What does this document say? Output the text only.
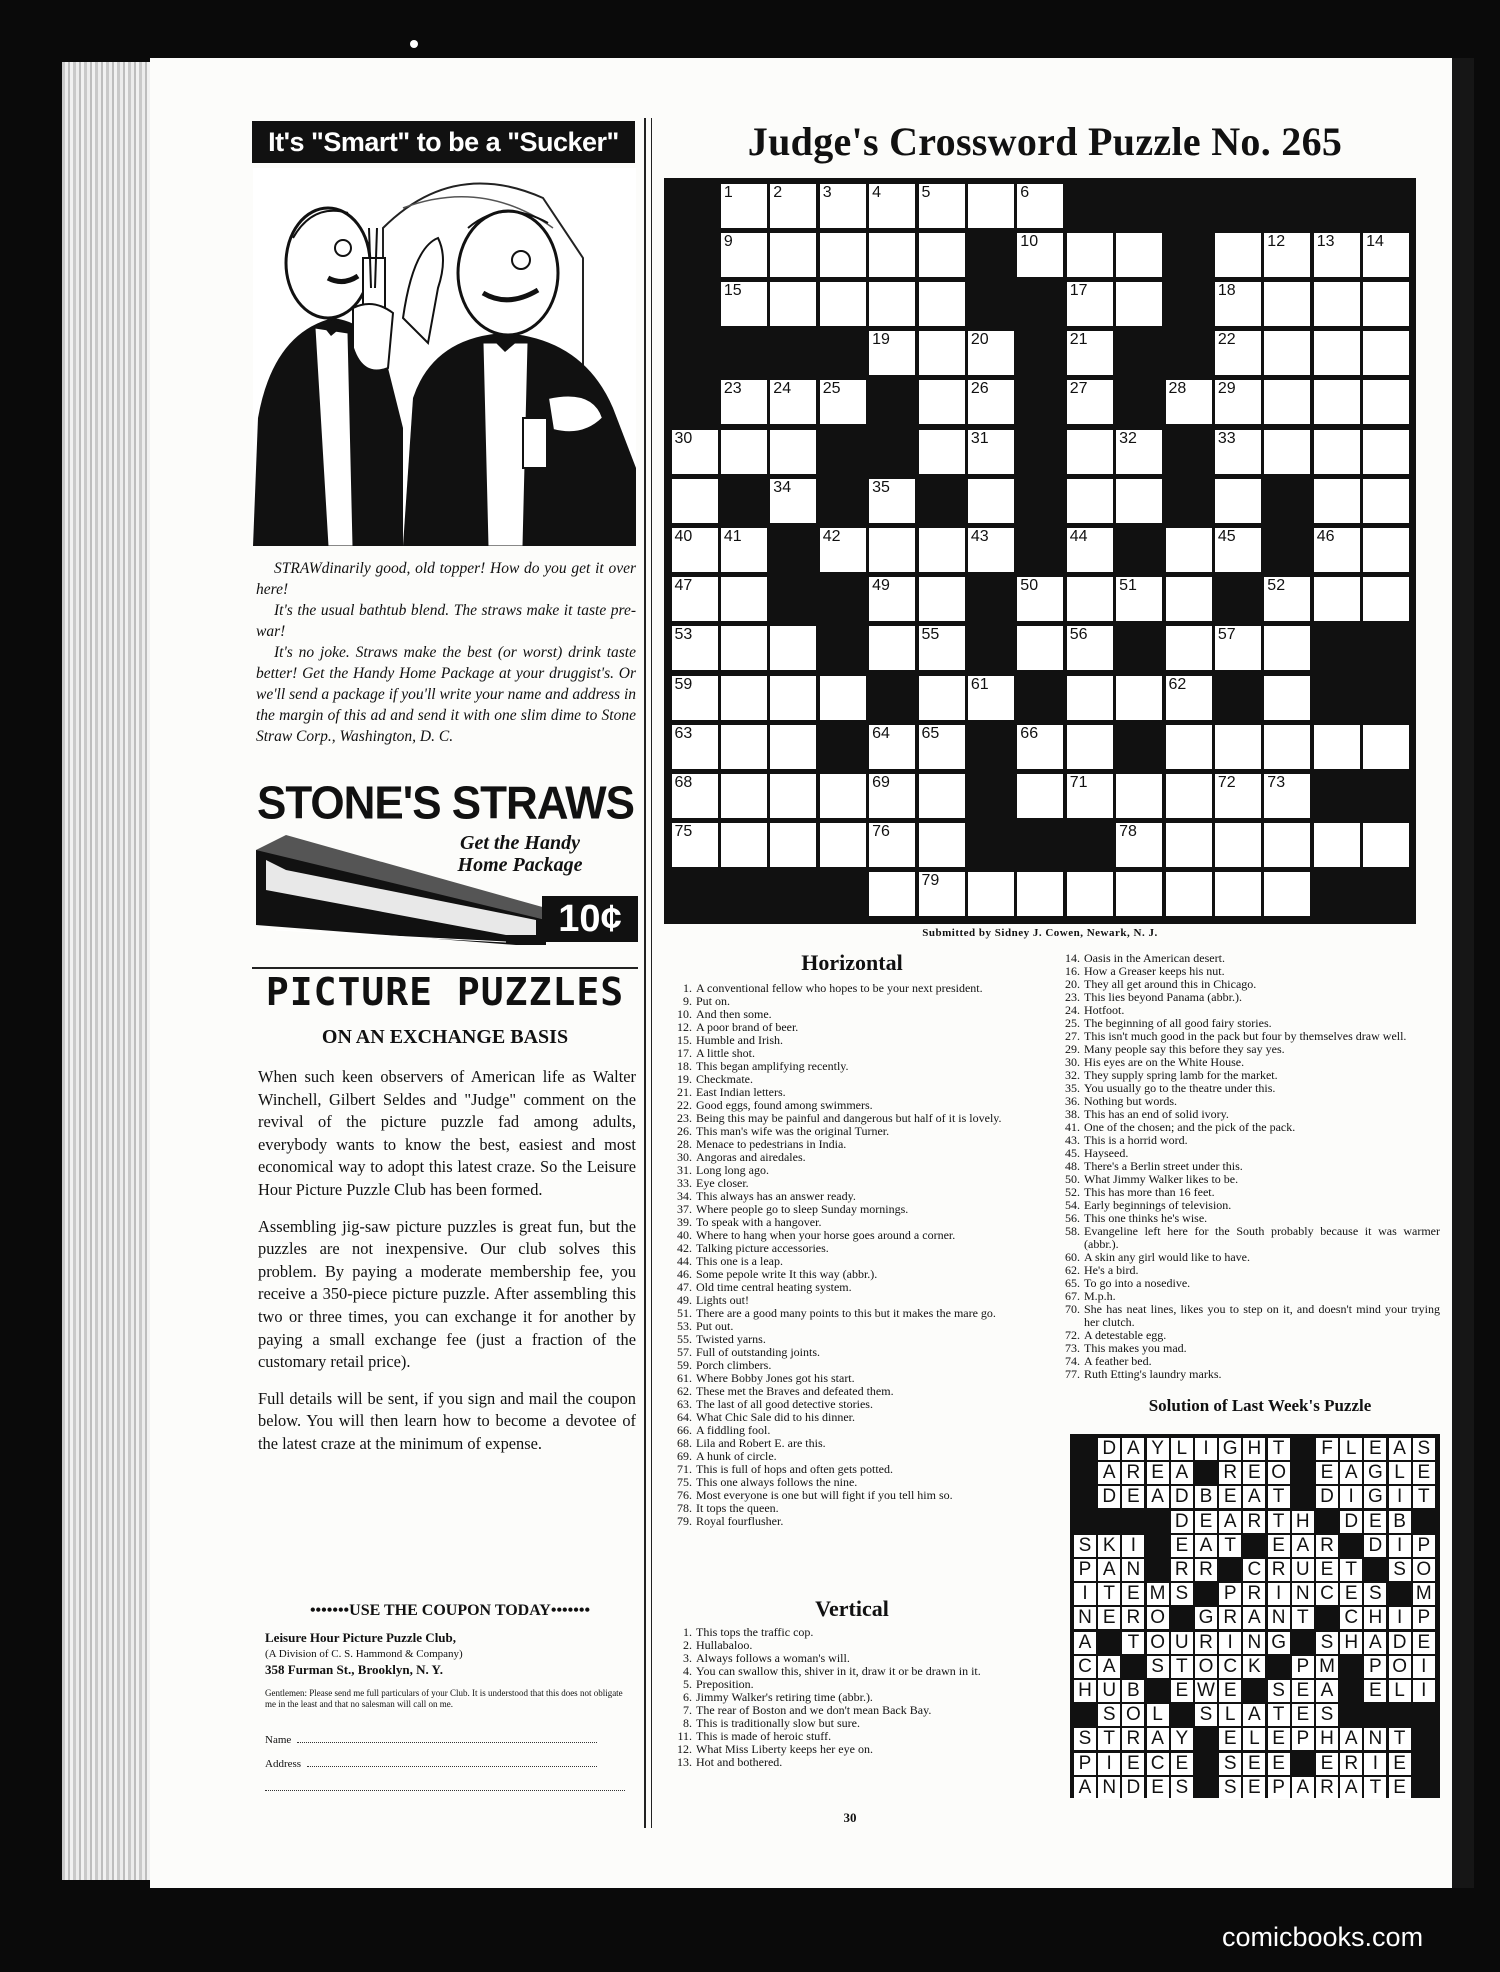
It's "Smart" to be a "Sucker"

STRAWdinarily good, old topper! How do you get it over here!

It's the usual bathtub blend. The straws make it taste pre-war!

It's no joke. Straws make the best (or worst) drink taste better! Get the Handy Home Package at your druggist's. Or we'll send a package if you'll write your name and address in the margin of this ad and send it with one slim dime to Stone Straw Corp., Washington, D. C.

STONE'S STRAWS
Get the Handy
Home Package
10¢
PICTURE PUZZLES
ON AN EXCHANGE BASIS

When such keen observers of American life as Walter Winchell, Gilbert Seldes and "Judge" comment on the revival of the picture puzzle fad among adults, everybody wants to know the best, easiest and most economical way to adopt this latest craze. So the Leisure Hour Picture Puzzle Club has been formed.

Assembling jig-saw picture puzzles is great fun, but the puzzles are not inexpensive. Our club solves this problem. By paying a moderate membership fee, you receive a 350-piece picture puzzle. After assembling this two or three times, you can exchange it for another by paying a small exchange fee (just a fraction of the customary retail price).

Full details will be sent, if you sign and mail the coupon below. You will then learn how to become a devotee of the latest craze at the minimum of expense.

•••••••USE THE COUPON TODAY•••••••
Leisure Hour Picture Puzzle Club,
(A Division of C. S. Hammond & Company)
358 Furman St., Brooklyn, N. Y.
Gentlemen: Please send me full particulars of your Club. It is understood that this does not obligate me in the least and that no salesman will call on me.
Name
Address
Judge's Crossword Puzzle No. 265
1	2	3	4	5	6
9	10	12 13 14
15	17	18
19	20	21	22
23 24 25	26	27	28 29
30	31	32	33
34	35
40 41	42	43	44	45	46
47	49	50	51	52
53	55	56	57
59	61	62
63	64 65	66
68	69	71	72 73
75	76	78
79
Submitted by Sidney J. Cowen, Newark, N. J.
Horizontal
1. A conventional fellow who hopes to be your next president.
9. Put on.
10. And then some.
12. A poor brand of beer.
15. Humble and Irish.
17. A little shot.
18. This began amplifying recently.
19. Checkmate.
21. East Indian letters.
22. Good eggs, found among swimmers.
23. Being this may be painful and dangerous but half of it is lovely.
26. This man's wife was the original Turner.
28. Menace to pedestrians in India.
30. Angoras and airedales.
31. Long long ago.
33. Eye closer.
34. This always has an answer ready.
37. Where people go to sleep Sunday mornings.
39. To speak with a hangover.
40. Where to hang when your horse goes around a corner.
42. Talking picture accessories.
44. This one is a leap.
46. Some pepole write It this way (abbr.).
47. Old time central heating system.
49. Lights out!
51. There are a good many points to this but it makes the mare go.
53. Put out.
55. Twisted yarns.
57. Full of outstanding joints.
59. Porch climbers.
61. Where Bobby Jones got his start.
62. These met the Braves and defeated them.
63. The last of all good detective stories.
64. What Chic Sale did to his dinner.
66. A fiddling fool.
68. Lila and Robert E. are this.
69. A hunk of circle.
71. This is full of hops and often gets potted.
75. This one always follows the nine.
76. Most everyone is one but will fight if you tell him so.
78. It tops the queen.
79. Royal fourflusher.
Vertical
1. This tops the traffic cop.
2. Hullabaloo.
3. Always follows a woman's will.
4. You can swallow this, shiver in it, draw it or be drawn in it.
5. Preposition.
6. Jimmy Walker's retiring time (abbr.).
7. The rear of Boston and we don't mean Back Bay.
8. This is traditionally slow but sure.
11. This is made of heroic stuff.
12. What Miss Liberty keeps her eye on.
13. Hot and bothered.
14. Oasis in the American desert.
16. How a Greaser keeps his nut.
20. They all get around this in Chicago.
23. This lies beyond Panama (abbr.).
24. Hotfoot.
25. The beginning of all good fairy stories.
27. This isn't much good in the pack but four by themselves draw well.
29. Many people say this before they say yes.
30. His eyes are on the White House.
32. They supply spring lamb for the market.
35. You usually go to the theatre under this.
36. Nothing but words.
38. This has an end of solid ivory.
41. One of the chosen; and the pick of the pack.
43. This is a horrid word.
45. Hayseed.
48. There's a Berlin street under this.
50. What Jimmy Walker likes to be.
52. This has more than 16 feet.
54. Early beginnings of television.
56. This one thinks he's wise.
58. Evangeline left here for the South probably because it was warmer (abbr.).
60. A skin any girl would like to have.
62. He's a bird.
65. To go into a nosedive.
67. M.p.h.
70. She has neat lines, likes you to step on it, and doesn't mind your trying her clutch.
72. A detestable egg.
73. This makes you mad.
74. A feather bed.
77. Ruth Etting's laundry marks.
Solution of Last Week's Puzzle
D A Y L I G H T F L E A S
A R E A R E O E A G L E
D E A D B E A T D I G I T
D E A R T H D E B
S K I	E A T E A R D I P
P A N R R C R U E T S O
I T E M S P R I N C E S M
N E R O G R A N T C H I P
A T O U R I N G S H A D E
C A S T O C K P M P O I
H U B E W E S E A E L I
S O L	S L A T E S
S T R A Y E L E P H A N T
P I E C E S E E E R I E
A N D E S S E P A R A T E
30
comicbooks.com
